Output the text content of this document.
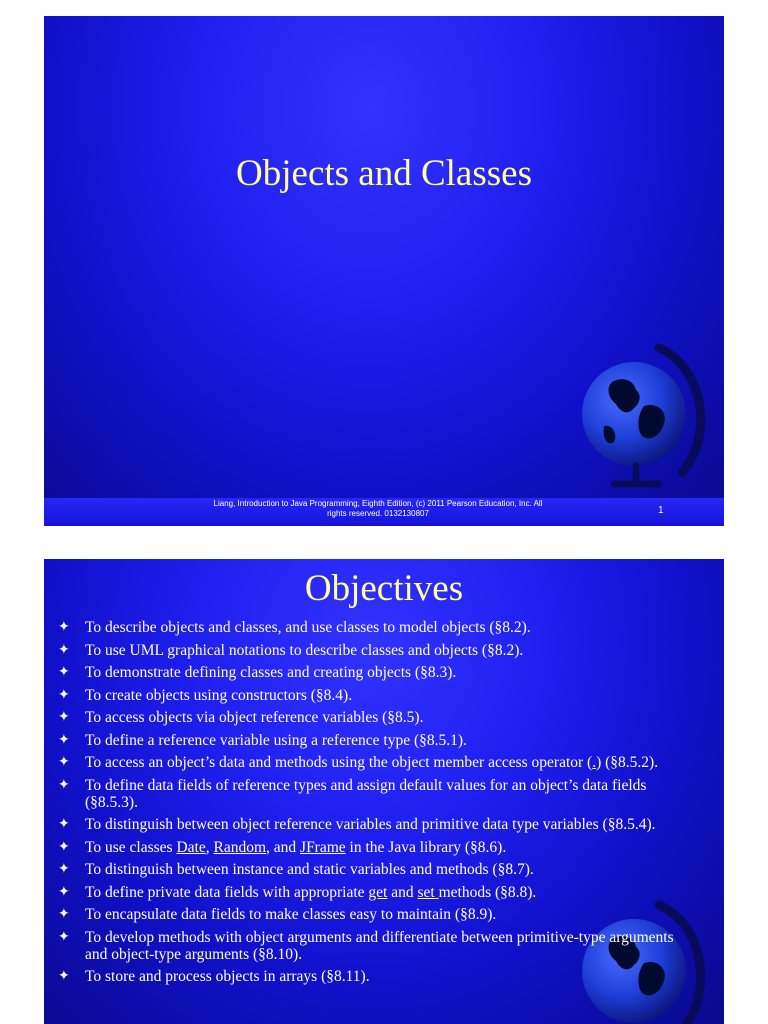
Objects and Classes
Liang, Introduction to Java Programming, Eighth Edition, (c) 2011 Pearson Education, Inc. All
rights reserved. 0132130807	1
Objectives
✦ To describe objects and classes, and use classes to model objects (§8.2).
✦ To use UML graphical notations to describe classes and objects (§8.2).
✦ To demonstrate defining classes and creating objects (§8.3).
✦ To create objects using constructors (§8.4).
✦ To access objects via object reference variables (§8.5).
✦ To define a reference variable using a reference type (§8.5.1).
✦ To access an object’s data and methods using the object member access operator (.) (§8.5.2).
✦ To define data fields of reference types and assign default values for an object’s data fields (§8.5.3).
✦ To distinguish between object reference variables and primitive data type variables (§8.5.4).
✦ To use classes Date, Random, and JFrame in the Java library (§8.6).
✦ To distinguish between instance and static variables and methods (§8.7).
✦ To define private data fields with appropriate get and set methods (§8.8).
✦ To encapsulate data fields to make classes easy to maintain (§8.9).
✦ To develop methods with object arguments and differentiate between primitive-type arguments and object-type arguments (§8.10).
✦ To store and process objects in arrays (§8.11).
